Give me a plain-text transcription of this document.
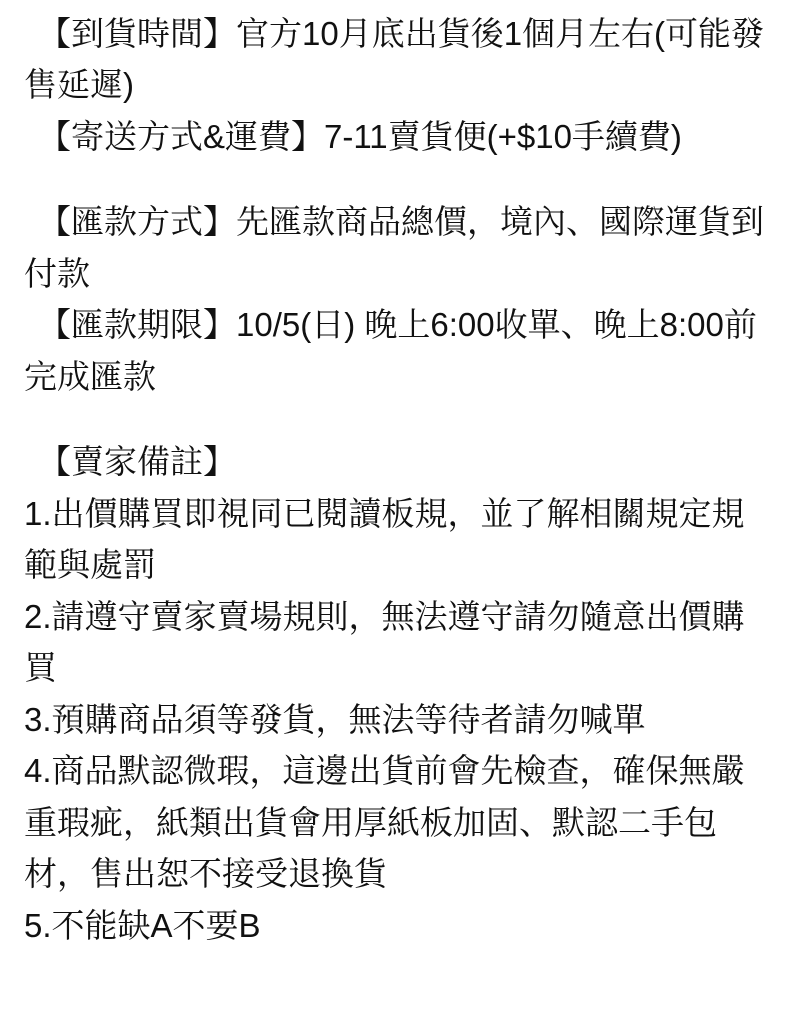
【到貨時間】官方10月底出貨後1個月左右(可能發售延遲)
【寄送方式&運費】7-11賣貨便(+$10手續費)
【匯款方式】先匯款商品總價，境內、國際運貨到付款
【匯款期限】10/5(日) 晚上6:00收單、晚上8:00前完成匯款
【賣家備註】
1.出價購買即視同已閱讀板規，並了解相關規定規範與處罰
2.請遵守賣家賣場規則，無法遵守請勿隨意出價購買
3.預購商品須等發貨，無法等待者請勿喊單
4.商品默認微瑕，這邊出貨前會先檢查，確保無嚴重瑕疵，紙類出貨會用厚紙板加固、默認二手包材，售出恕不接受退換貨
5.不能缺A不要B
